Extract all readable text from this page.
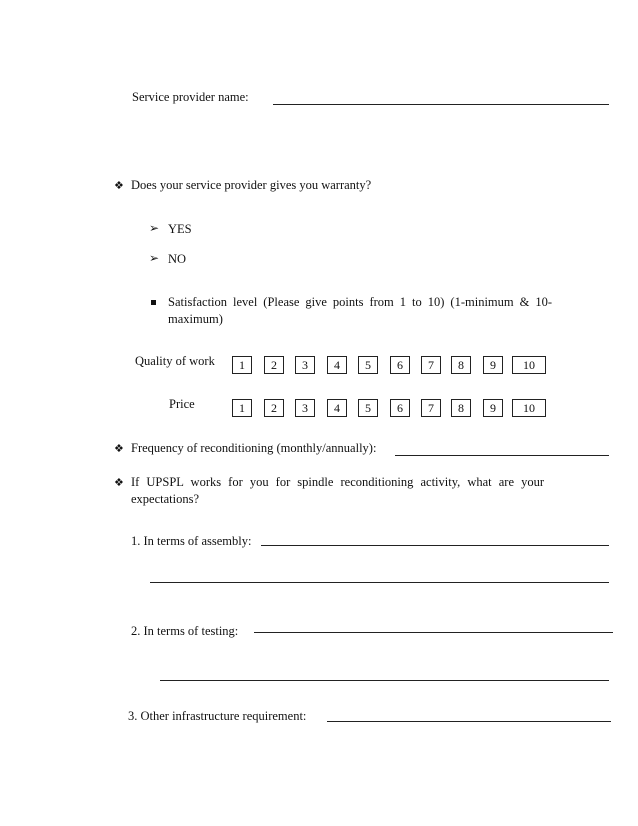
Service provider name:
❖ Does your service provider gives you warranty?
➢ YES
➢ NO
Satisfaction level (Please give points from 1 to 10) (1-minimum & 10-
maximum)
Quality of work	1	2	3	4	5	6	7	8	9	10
Price	1	2	3	4	5	6	7	8	9	10
❖ Frequency of reconditioning (monthly/annually):
❖ If UPSPL works for you for spindle reconditioning activity, what are your
expectations?
1. In terms of assembly:
2. In terms of testing:
3. Other infrastructure requirement:
